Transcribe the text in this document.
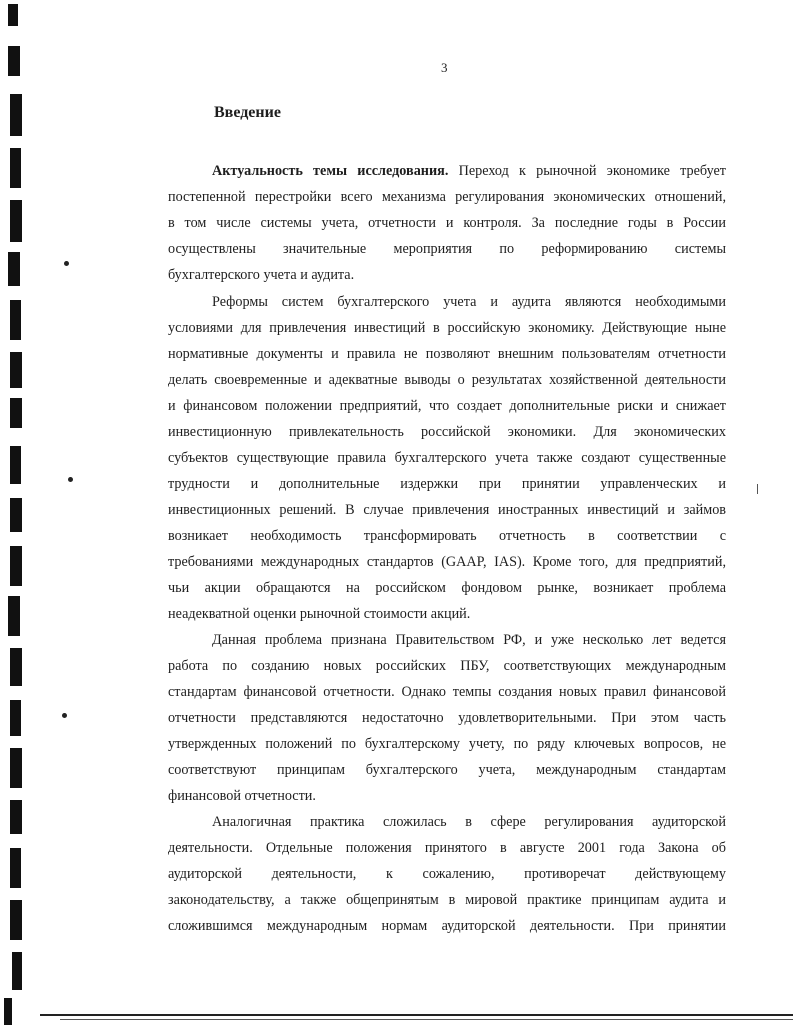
3
Введение
Актуальность темы исследования. Переход к рыночной экономике требует
постепенной перестройки всего механизма регулирования экономических отношений,
в том числе системы учета, отчетности и контроля. За последние годы в России
осуществлены значительные мероприятия по реформированию системы
бухгалтерского учета и аудита.
Реформы систем бухгалтерского учета и аудита являются необходимыми
условиями для привлечения инвестиций в российскую экономику. Действующие ныне
нормативные документы и правила не позволяют внешним пользователям отчетности
делать своевременные и адекватные выводы о результатах хозяйственной деятельности
и финансовом положении предприятий, что создает дополнительные риски и снижает
инвестиционную привлекательность российской экономики. Для экономических
субъектов существующие правила бухгалтерского учета также создают существенные
трудности и дополнительные издержки при принятии управленческих и
инвестиционных решений. В случае привлечения иностранных инвестиций и займов
возникает необходимость трансформировать отчетность в соответствии с
требованиями международных стандартов (GAAP, IAS). Кроме того, для предприятий,
чьи акции обращаются на российском фондовом рынке, возникает проблема
неадекватной оценки рыночной стоимости акций.
Данная проблема признана Правительством РФ, и уже несколько лет ведется
работа по созданию новых российских ПБУ, соответствующих международным
стандартам финансовой отчетности. Однако темпы создания новых правил финансовой
отчетности представляются недостаточно удовлетворительными. При этом часть
утвержденных положений по бухгалтерскому учету, по ряду ключевых вопросов, не
соответствуют принципам бухгалтерского учета, международным стандартам
финансовой отчетности.
Аналогичная практика сложилась в сфере регулирования аудиторской
деятельности. Отдельные положения принятого в августе 2001 года Закона об
аудиторской деятельности, к сожалению, противоречат действующему
законодательству, а также общепринятым в мировой практике принципам аудита и
сложившимся международным нормам аудиторской деятельности. При принятии
